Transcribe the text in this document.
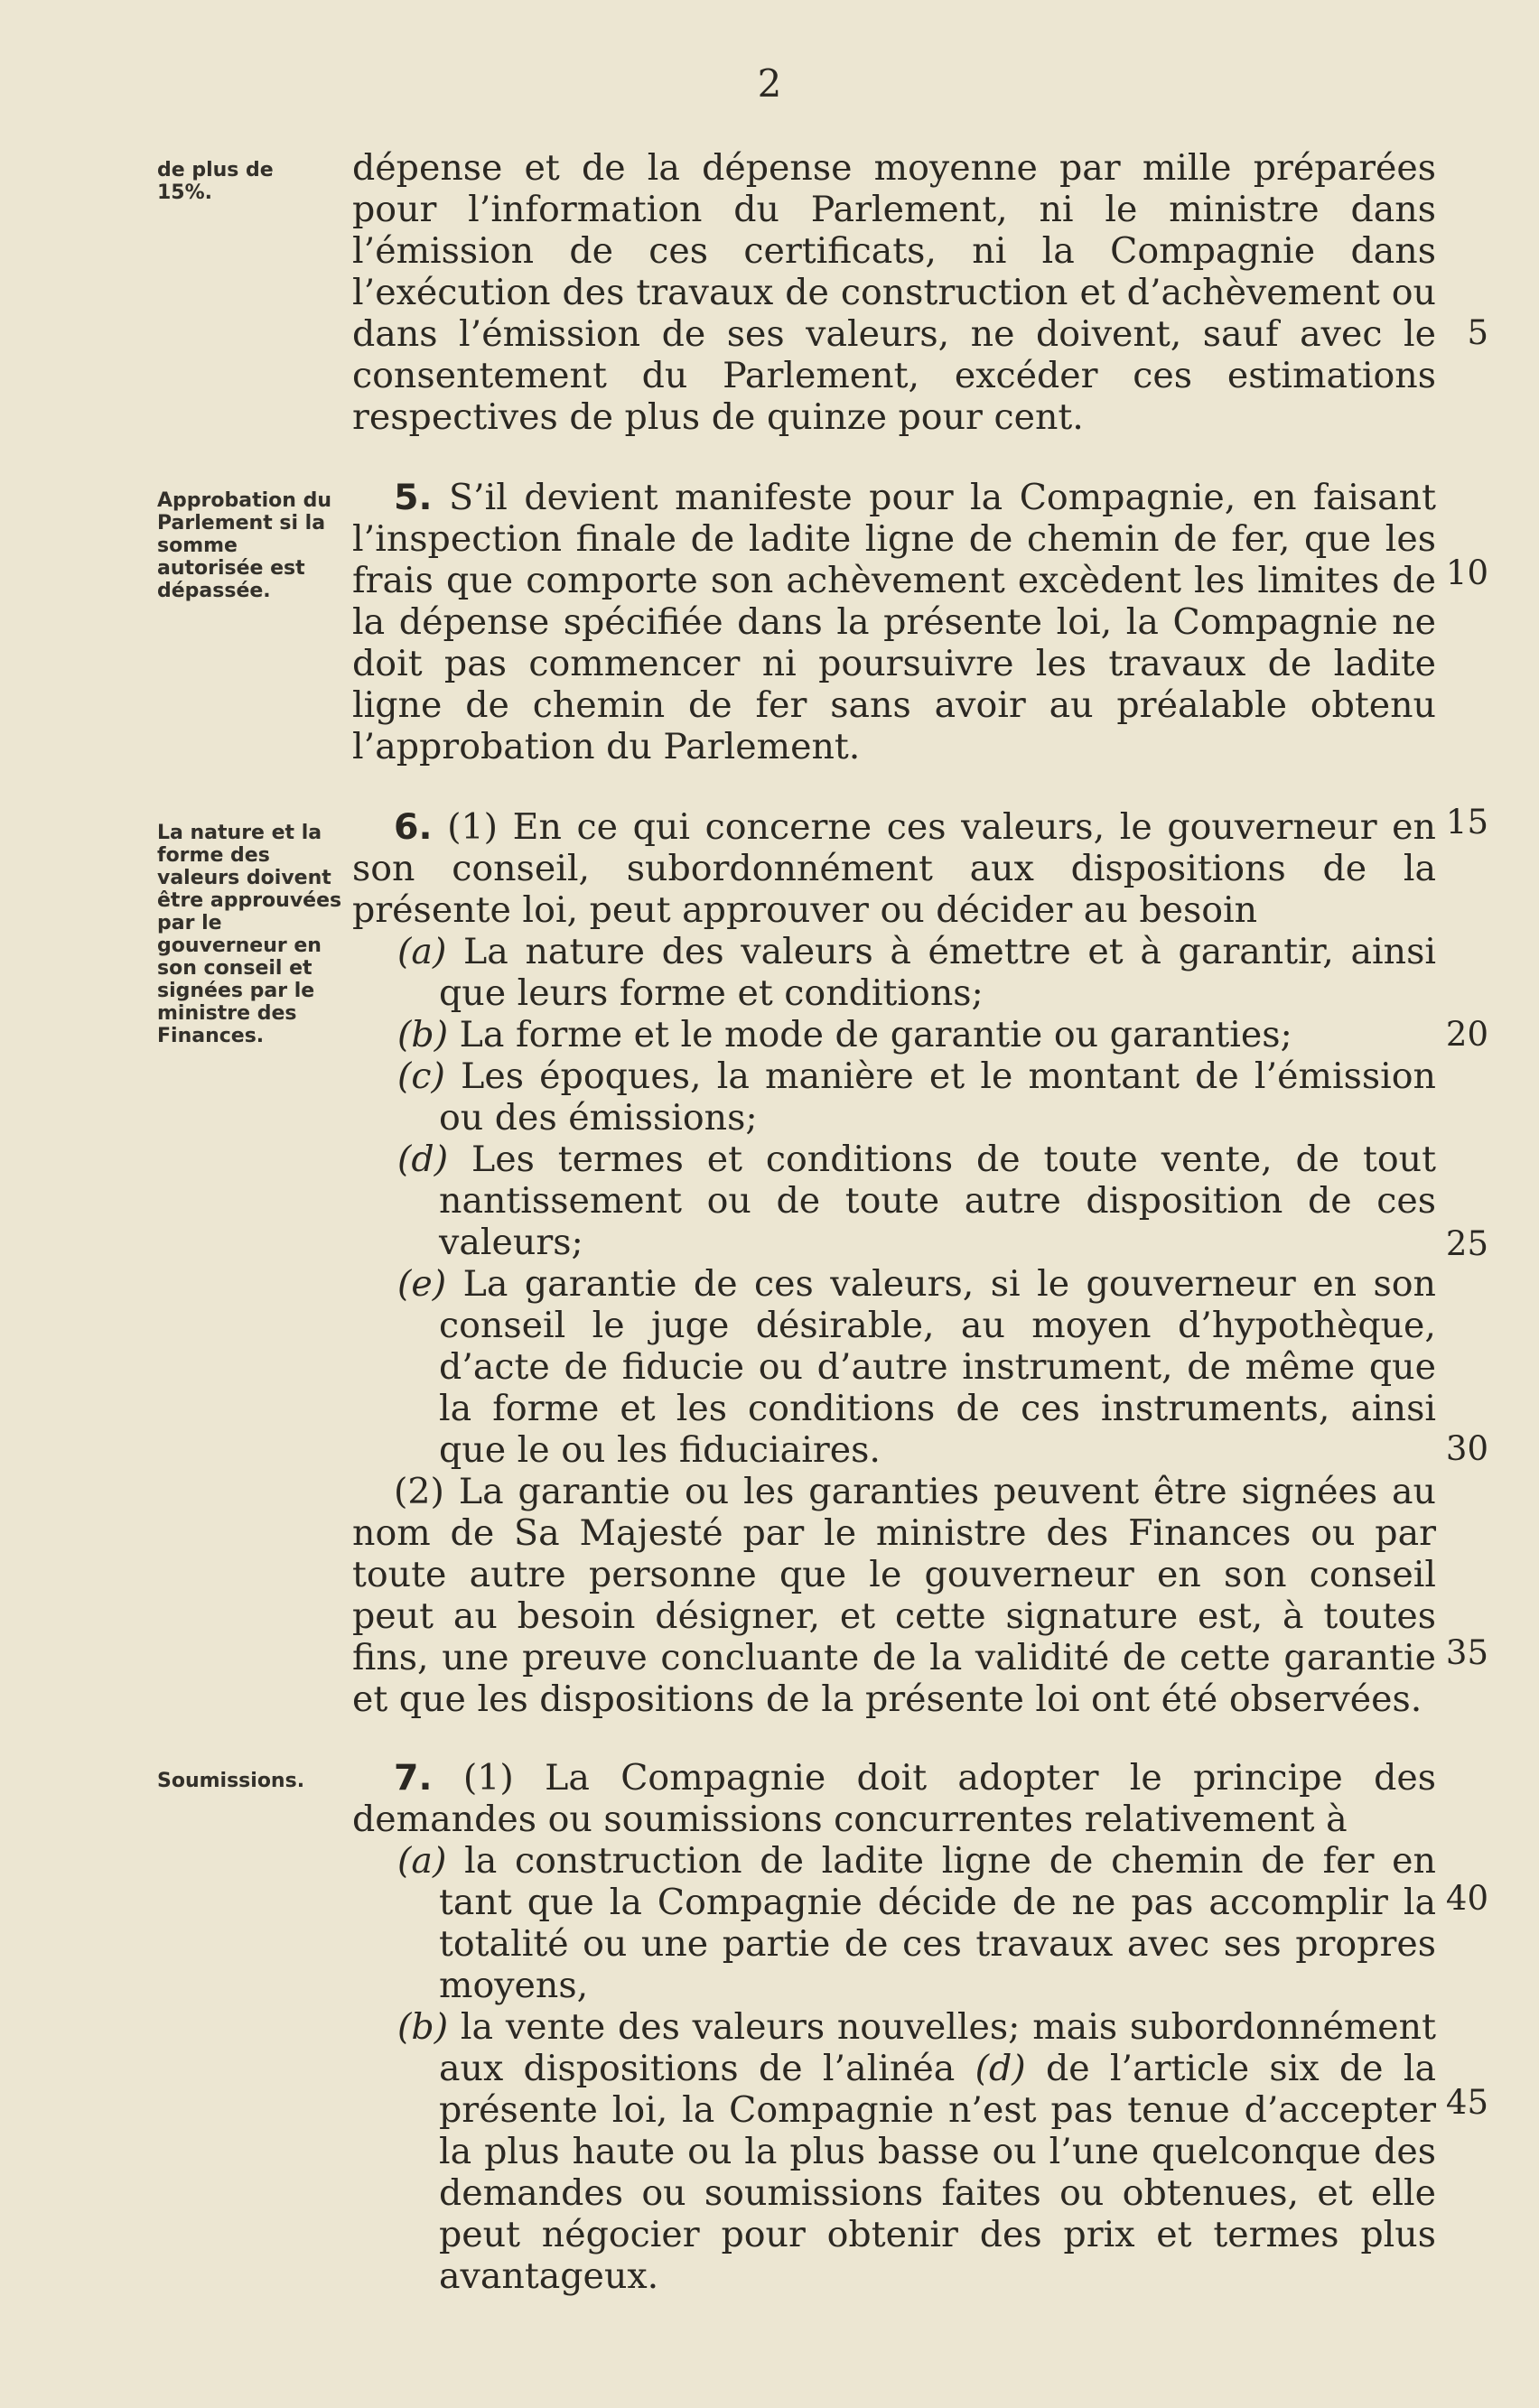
2
de plus de 15%.
Approbation du Parlement si la somme autorisée est dépassée.
La nature et la forme des valeurs doivent être approuvées par le gouverneur en son conseil et signées par le ministre des Finances.
Soumissions.
5
10
15
20
25
30
35
40
45

dépense et de la dépense moyenne par mille préparées pour l’information du Parlement, ni le ministre dans l’émission de ces certificats, ni la Compagnie dans l’exécution des travaux de construction et d’achèvement ou dans l’émission de ses valeurs, ne doivent, sauf avec le consentement du Parlement, excéder ces estimations respectives de plus de quinze pour cent.

5. S’il devient manifeste pour la Compagnie, en faisant l’inspection finale de ladite ligne de chemin de fer, que les frais que comporte son achèvement excèdent les limites de la dépense spécifiée dans la présente loi, la Compagnie ne doit pas commencer ni poursuivre les travaux de ladite ligne de chemin de fer sans avoir au préalable obtenu l’approbation du Parlement.

6. (1) En ce qui concerne ces valeurs, le gouverneur en son conseil, subordonnément aux dispositions de la présente loi, peut approuver ou décider au besoin

(a) La nature des valeurs à émettre et à garantir, ainsi que leurs forme et conditions;

(b) La forme et le mode de garantie ou garanties;

(c) Les époques, la manière et le montant de l’émission ou des émissions;

(d) Les termes et conditions de toute vente, de tout nantissement ou de toute autre disposition de ces valeurs;

(e) La garantie de ces valeurs, si le gouverneur en son conseil le juge désirable, au moyen d’hypothèque, d’acte de fiducie ou d’autre instrument, de même que la forme et les conditions de ces instruments, ainsi que le ou les fiduciaires.

(2) La garantie ou les garanties peuvent être signées au nom de Sa Majesté par le ministre des Finances ou par toute autre personne que le gouverneur en son conseil peut au besoin désigner, et cette signature est, à toutes fins, une preuve concluante de la validité de cette garantie et que les dispositions de la présente loi ont été observées.

7. (1) La Compagnie doit adopter le principe des demandes ou soumissions concurrentes relativement à

(a) la construction de ladite ligne de chemin de fer en tant que la Compagnie décide de ne pas accomplir la totalité ou une partie de ces travaux avec ses propres moyens,

(b) la vente des valeurs nouvelles; mais subordonnément aux dispositions de l’alinéa (d) de l’article six de la présente loi, la Compagnie n’est pas tenue d’accepter la plus haute ou la plus basse ou l’une quelconque des demandes ou soumissions faites ou obtenues, et elle peut négocier pour obtenir des prix et termes plus avantageux.
